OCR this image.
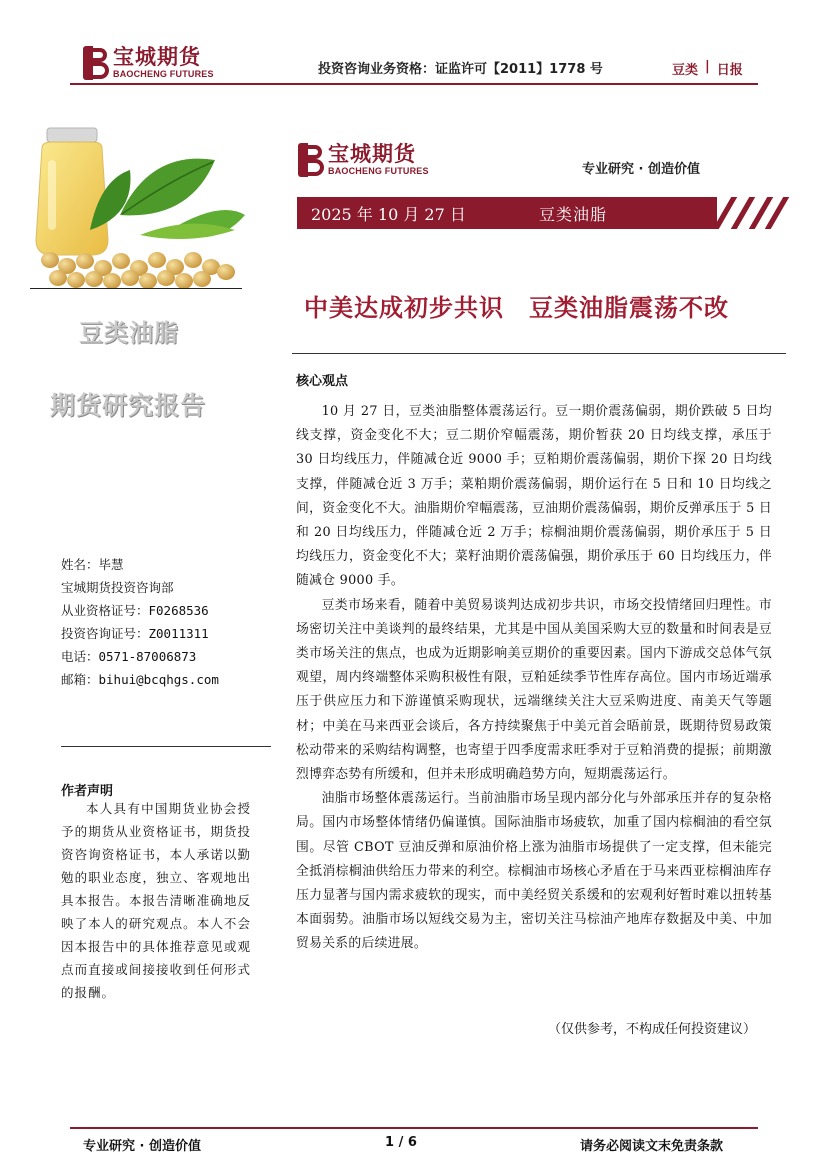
宝城期货
BAOCHENG FUTURES	投资咨询业务资格：证监许可【2011】1778 号	豆类 | 日报
宝城期货
BAOCHENG FUTURES	专业研究 · 创造价值
2025 年 10 月 27 日	豆类油脂
中美达成初步共识　豆类油脂震荡不改
豆类油脂
期货研究报告
姓名：毕慧
宝城期货投资咨询部
从业资格证号：F0268536
投资咨询证号：Z0011311
电话：0571-87006873
邮箱：bihui@bcqhgs.com
作者声明
本人具有中国期货业协会授予的期货从业资格证书，期货投资咨询资格证书，本人承诺以勤勉的职业态度，独立、客观地出具本报告。本报告清晰准确地反映了本人的研究观点。本人不会因本报告中的具体推荐意见或观点而直接或间接接收到任何形式的报酬。
核心观点

10 月 27 日，豆类油脂整体震荡运行。豆一期价震荡偏弱，期价跌破 5 日均线支撑，资金变化不大；豆二期价窄幅震荡，期价暂获 20 日均线支撑，承压于 30 日均线压力，伴随减仓近 9000 手；豆粕期价震荡偏弱，期价下探 20 日均线支撑，伴随减仓近 3 万手；菜粕期价震荡偏弱，期价运行在 5 日和 10 日均线之间，资金变化不大。油脂期价窄幅震荡，豆油期价震荡偏弱，期价反弹承压于 5 日和 20 日均线压力，伴随减仓近 2 万手；棕榈油期价震荡偏弱，期价承压于 5 日均线压力，资金变化不大；菜籽油期价震荡偏强，期价承压于 60 日均线压力，伴随减仓 9000 手。

豆类市场来看，随着中美贸易谈判达成初步共识，市场交投情绪回归理性。市场密切关注中美谈判的最终结果，尤其是中国从美国采购大豆的数量和时间表是豆类市场关注的焦点，也成为近期影响美豆期价的重要因素。国内下游成交总体气氛观望，周内终端整体采购积极性有限，豆粕延续季节性库存高位。国内市场近端承压于供应压力和下游谨慎采购现状，远端继续关注大豆采购进度、南美天气等题材；中美在马来西亚会谈后，各方持续聚焦于中美元首会晤前景，既期待贸易政策松动带来的采购结构调整，也寄望于四季度需求旺季对于豆粕消费的提振；前期激烈博弈态势有所缓和，但并未形成明确趋势方向，短期震荡运行。

油脂市场整体震荡运行。当前油脂市场呈现内部分化与外部承压并存的复杂格局。国内市场整体情绪仍偏谨慎。国际油脂市场疲软，加重了国内棕榈油的看空氛围。尽管 CBOT 豆油反弹和原油价格上涨为油脂市场提供了一定支撑，但未能完全抵消棕榈油供给压力带来的利空。棕榈油市场核心矛盾在于马来西亚棕榈油库存压力显著与国内需求疲软的现实，而中美经贸关系缓和的宏观利好暂时难以扭转基本面弱势。油脂市场以短线交易为主，密切关注马棕油产地库存数据及中美、中加贸易关系的后续进展。

（仅供参考，不构成任何投资建议）
专业研究 · 创造价值	1 / 6	请务必阅读文末免责条款
